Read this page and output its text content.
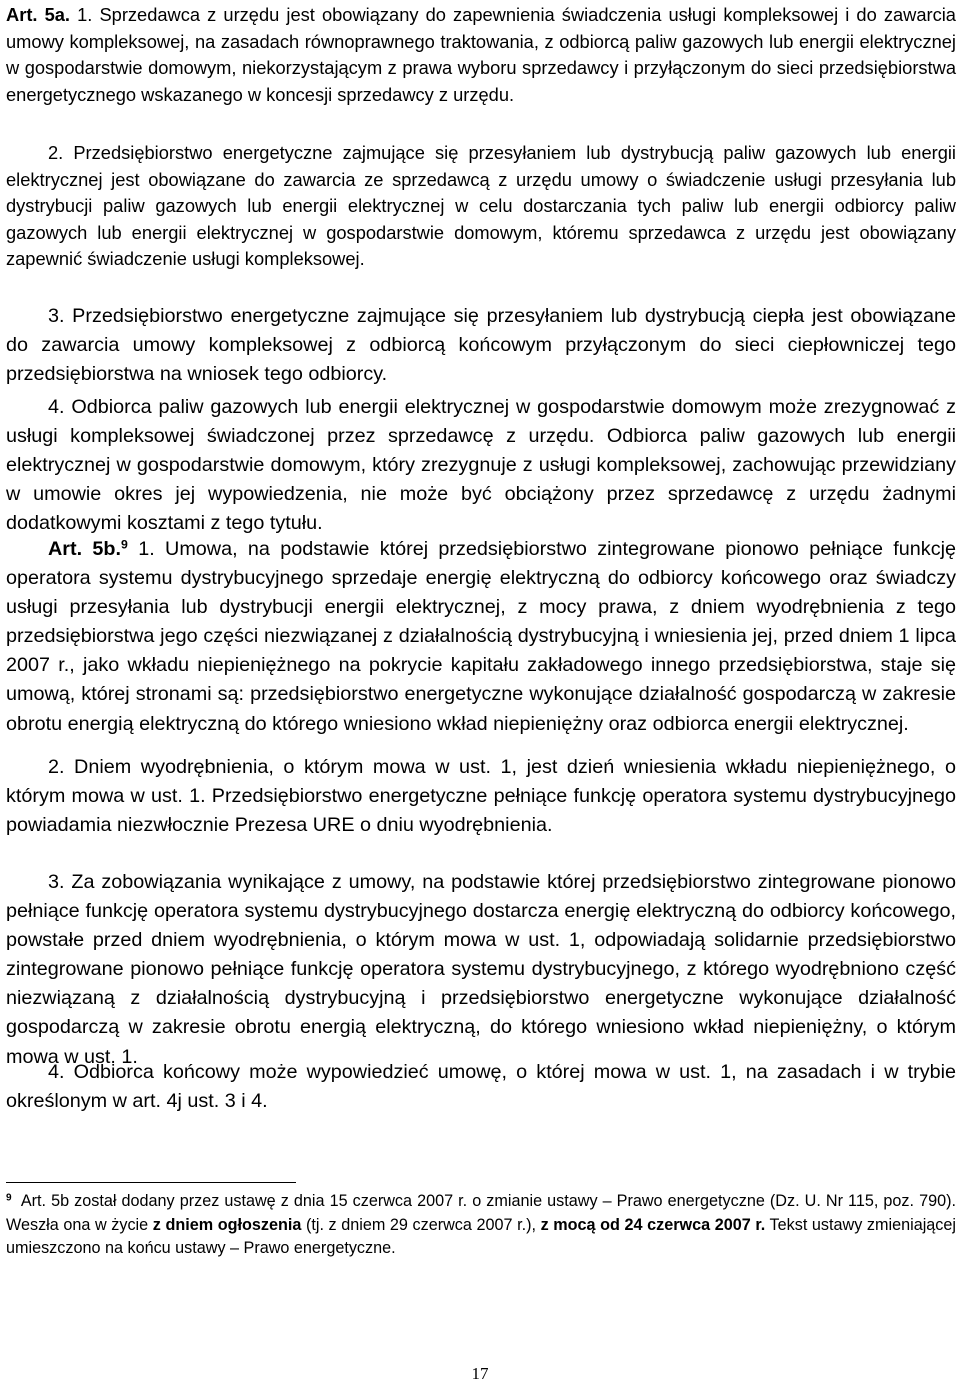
Art. 5a. 1. Sprzedawca z urzędu jest obowiązany do zapewnienia świadczenia usługi kompleksowej i do zawarcia umowy kompleksowej, na zasadach równoprawnego traktowania, z odbiorcą paliw gazowych lub energii elektrycznej w gospodarstwie domowym, niekorzystającym z prawa wyboru sprzedawcy i przyłączonym do sieci przedsiębiorstwa energetycznego wskazanego w koncesji sprzedawcy z urzędu.

2. Przedsiębiorstwo energetyczne zajmujące się przesyłaniem lub dystrybucją paliw gazowych lub energii elektrycznej jest obowiązane do zawarcia ze sprzedawcą z urzędu umowy o świadczenie usługi przesyłania lub dystrybucji paliw gazowych lub energii elektrycznej w celu dostarczania tych paliw lub energii odbiorcy paliw gazowych lub energii elektrycznej w gospodarstwie domowym, któremu sprzedawca z urzędu jest obowiązany zapewnić świadczenie usługi kompleksowej.

3. Przedsiębiorstwo energetyczne zajmujące się przesyłaniem lub dystrybucją ciepła jest obowiązane do zawarcia umowy kompleksowej z odbiorcą końcowym przyłączonym do sieci ciepłowniczej tego przedsiębiorstwa na wniosek tego odbiorcy.

4. Odbiorca paliw gazowych lub energii elektrycznej w gospodarstwie domowym może zrezygnować z usługi kompleksowej świadczonej przez sprzedawcę z urzędu. Odbiorca paliw gazowych lub energii elektrycznej w gospodarstwie domowym, który zrezygnuje z usługi kompleksowej, zachowując przewidziany w umowie okres jej wypowiedzenia, nie może być obciążony przez sprzedawcę z urzędu żadnymi dodatkowymi kosztami z tego tytułu.

Art. 5b.$^9$ 1. Umowa, na podstawie której przedsiębiorstwo zintegrowane pionowo pełniące funkcję operatora systemu dystrybucyjnego sprzedaje energię elektryczną do odbiorcy końcowego oraz świadczy usługi przesyłania lub dystrybucji energii elektrycznej, z mocy prawa, z dniem wyodrębnienia z tego przedsiębiorstwa jego części niezwiązanej z działalnością dystrybucyjną i wniesienia jej, przed dniem 1 lipca 2007 r., jako wkładu niepieniężnego na pokrycie kapitału zakładowego innego przedsiębiorstwa, staje się umową, której stronami są: przedsiębiorstwo energetyczne wykonujące działalność gospodarczą w zakresie obrotu energią elektryczną do którego wniesiono wkład niepieniężny oraz odbiorca energii elektrycznej.

2. Dniem wyodrębnienia, o którym mowa w ust. 1, jest dzień wniesienia wkładu niepieniężnego, o którym mowa w ust. 1. Przedsiębiorstwo energetyczne pełniące funkcję operatora systemu dystrybucyjnego powiadamia niezwłocznie Prezesa URE o dniu wyodrębnienia.

3. Za zobowiązania wynikające z umowy, na podstawie której przedsiębiorstwo zintegrowane pionowo pełniące funkcję operatora systemu dystrybucyjnego dostarcza energię elektryczną do odbiorcy końcowego, powstałe przed dniem wyodrębnienia, o którym mowa w ust. 1, odpowiadają solidarnie przedsiębiorstwo zintegrowane pionowo pełniące funkcję operatora systemu dystrybucyjnego, z którego wyodrębniono część niezwiązaną z działalnością dystrybucyjną i przedsiębiorstwo energetyczne wykonujące działalność gospodarczą w zakresie obrotu energią elektryczną, do którego wniesiono wkład niepieniężny, o którym mowa w ust. 1.

4. Odbiorca końcowy może wypowiedzieć umowę, o której mowa w ust. 1, na zasadach i w trybie określonym w art. 4j ust. 3 i 4.

$^9$ Art. 5b został dodany przez ustawę z dnia 15 czerwca 2007 r. o zmianie ustawy – Prawo energetyczne (Dz. U. Nr 115, poz. 790). Weszła ona w życie z dniem ogłoszenia (tj. z dniem 29 czerwca 2007 r.), z mocą od 24 czerwca 2007 r. Tekst ustawy zmieniającej umieszczono na końcu ustawy – Prawo energetyczne.

17
